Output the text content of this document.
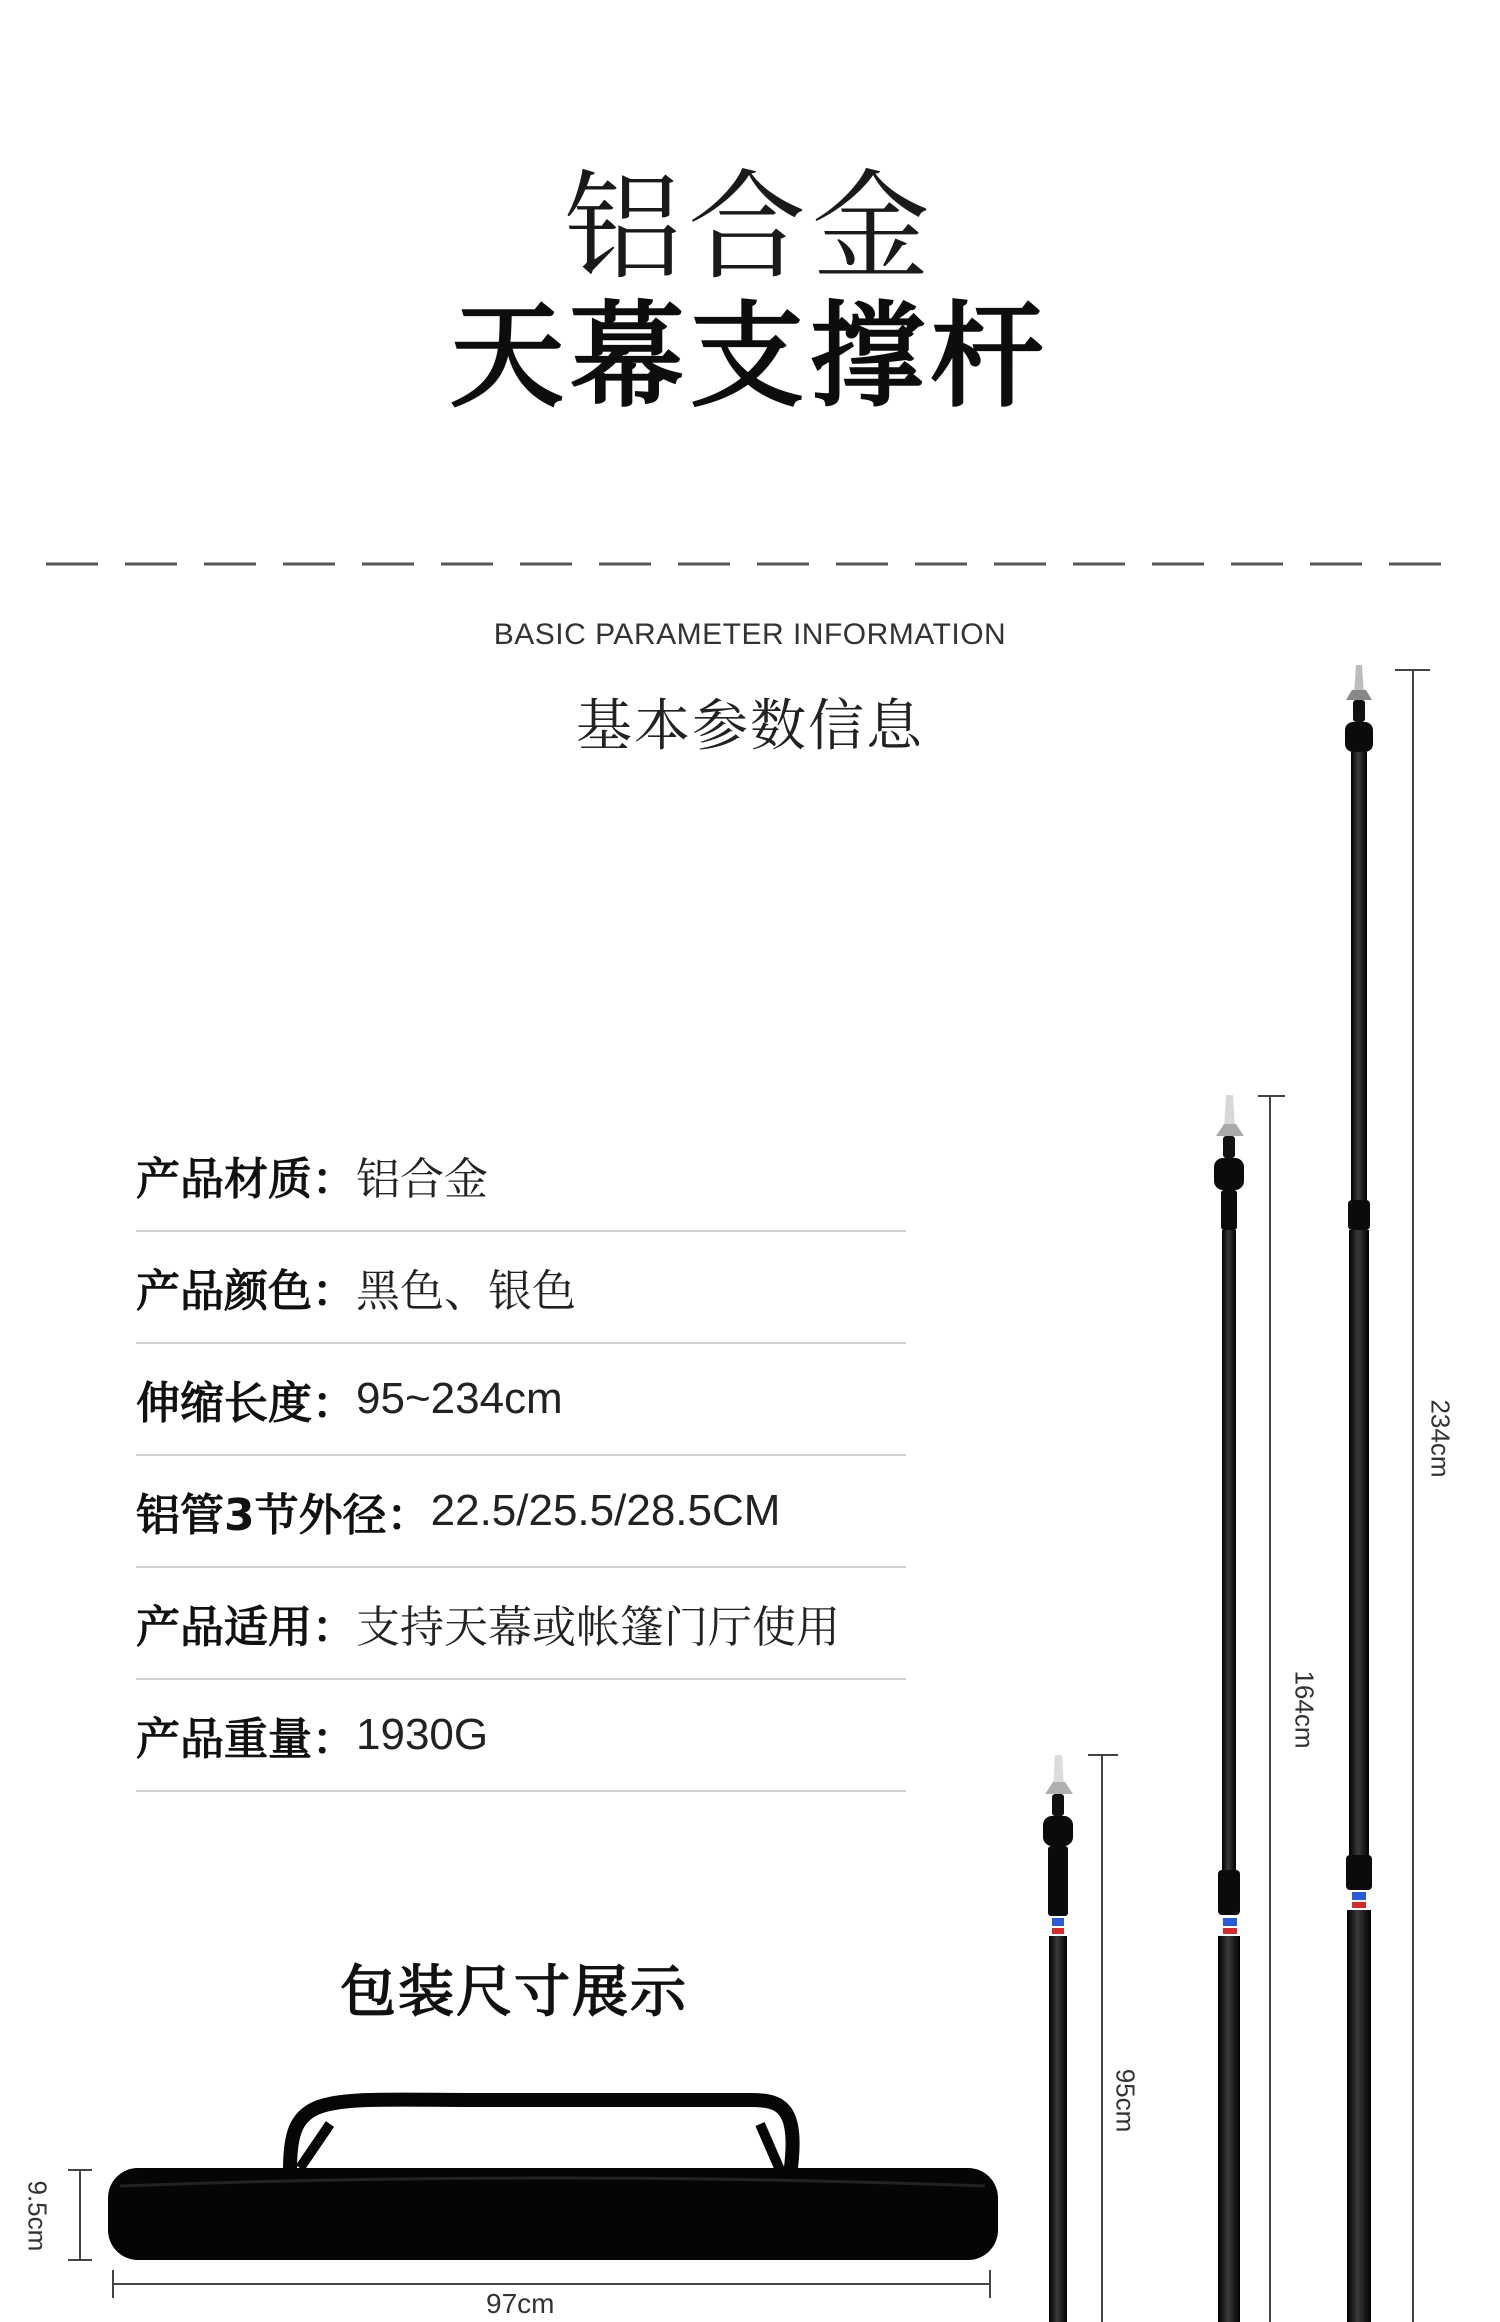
铝合金
天幕支撑杆
BASIC PARAMETER INFORMATION
基本参数信息
产品材质： 铝合金
产品颜色： 黑色、银色
伸缩长度： 95~234cm
铝管3节外径： 22.5/25.5/28.5CM
产品适用： 支持天幕或帐篷门厅使用
产品重量： 1930G
234cm
164cm
95cm
包装尺寸展示
9.5cm
97cm
